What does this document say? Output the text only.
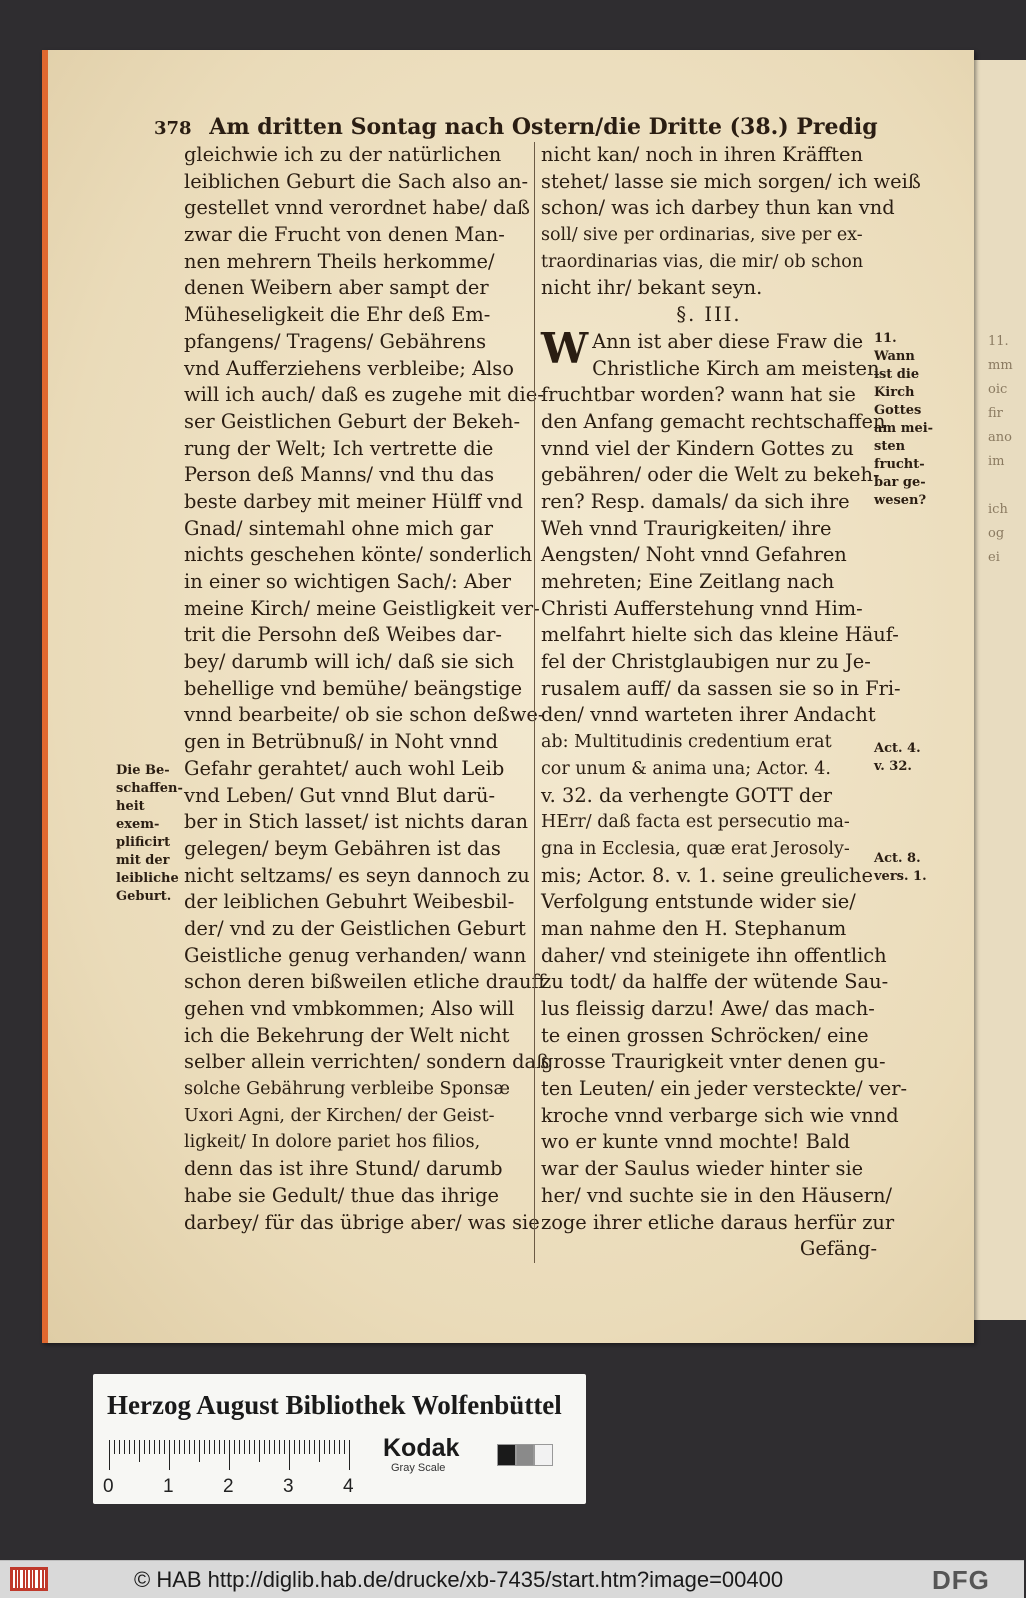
11.
mm
oic
fir
ano
im
ich
og
ei
378 Am dritten Sontag nach Ostern/die Dritte (38.) Predig
gleichwie ich zu der natürlichen
leiblichen Geburt die Sach also an-
gestellet vnnd verordnet habe/ daß
zwar die Frucht von denen Man-
nen mehrern Theils herkomme/
denen Weibern aber sampt der
Müheseligkeit die Ehr deß Em-
pfangens/ Tragens/ Gebährens
vnd Aufferziehens verbleibe; Also
will ich auch/ daß es zugehe mit die-
ser Geistlichen Geburt der Bekeh-
rung der Welt; Ich vertrette die
Person deß Manns/ vnd thu das
beste darbey mit meiner Hülff vnd
Gnad/ sintemahl ohne mich gar
nichts geschehen könte/ sonderlich
in einer so wichtigen Sach/: Aber
meine Kirch/ meine Geistligkeit ver-
trit die Persohn deß Weibes dar-
bey/ darumb will ich/ daß sie sich
behellige vnd bemühe/ beängstige
vnnd bearbeite/ ob sie schon deßwe-
gen in Betrübnuß/ in Noht vnnd
Gefahr gerahtet/ auch wohl Leib
vnd Leben/ Gut vnnd Blut darü-
ber in Stich lasset/ ist nichts daran
gelegen/ beym Gebähren ist das
nicht seltzams/ es seyn dannoch zu
der leiblichen Gebuhrt Weibesbil-
der/ vnd zu der Geistlichen Geburt
Geistliche genug verhanden/ wann
schon deren bißweilen etliche drauff
gehen vnd vmbkommen; Also will
ich die Bekehrung der Welt nicht
selber allein verrichten/ sondern daß
solche Gebährung verbleibe Sponsæ
Uxori Agni, der Kirchen/ der Geist-
ligkeit/ In dolore pariet hos filios,
denn das ist ihre Stund/ darumb
habe sie Gedult/ thue das ihrige
darbey/ für das übrige aber/ was sie
nicht kan/ noch in ihren Kräfften
stehet/ lasse sie mich sorgen/ ich weiß
schon/ was ich darbey thun kan vnd
soll/ sive per ordinarias, sive per ex-
traordinarias vias, die mir/ ob schon
nicht ihr/ bekant seyn.
§. III.
W Ann ist aber diese Fraw die
Christliche Kirch am meisten
fruchtbar worden? wann hat sie
den Anfang gemacht rechtschaffen
vnnd viel der Kindern Gottes zu
gebähren/ oder die Welt zu bekeh-
ren? Resp. damals/ da sich ihre
Weh vnnd Traurigkeiten/ ihre
Aengsten/ Noht vnnd Gefahren
mehreten; Eine Zeitlang nach
Christi Aufferstehung vnnd Him-
melfahrt hielte sich das kleine Häuf-
fel der Christglaubigen nur zu Je-
rusalem auff/ da sassen sie so in Fri-
den/ vnnd warteten ihrer Andacht
ab: Multitudinis credentium erat
cor unum & anima una; Actor. 4.
v. 32. da verhengte GOTT der
HErr/ daß facta est persecutio ma-
gna in Ecclesia, quæ erat Jerosoly-
mis; Actor. 8. v. 1. seine greuliche
Verfolgung entstunde wider sie/
man nahme den H. Stephanum
daher/ vnd steinigete ihn offentlich
zu todt/ da halffe der wütende Sau-
lus fleissig darzu! Awe/ das mach-
te einen grossen Schröcken/ eine
grosse Traurigkeit vnter denen gu-
ten Leuten/ ein jeder versteckte/ ver-
kroche vnnd verbarge sich wie vnnd
wo er kunte vnnd mochte! Bald
war der Saulus wieder hinter sie
her/ vnd suchte sie in den Häusern/
zoge ihrer etliche daraus herfür zur
Gefäng-
Die Be-
schaffen-
heit
exem-
plificirt
mit der
leibliche
Geburt.
11.
Wann
ist die
Kirch
Gottes
am mei-
sten
frucht-
bar ge-
wesen?
Act. 4.
v. 32.
Act. 8.
vers. 1.
Herzog August Bibliothek Wolfenbüttel
0	1	2	3	4
Kodak
Gray Scale
© HAB http://diglib.hab.de/drucke/xb-7435/start.htm?image=00400	DFG
